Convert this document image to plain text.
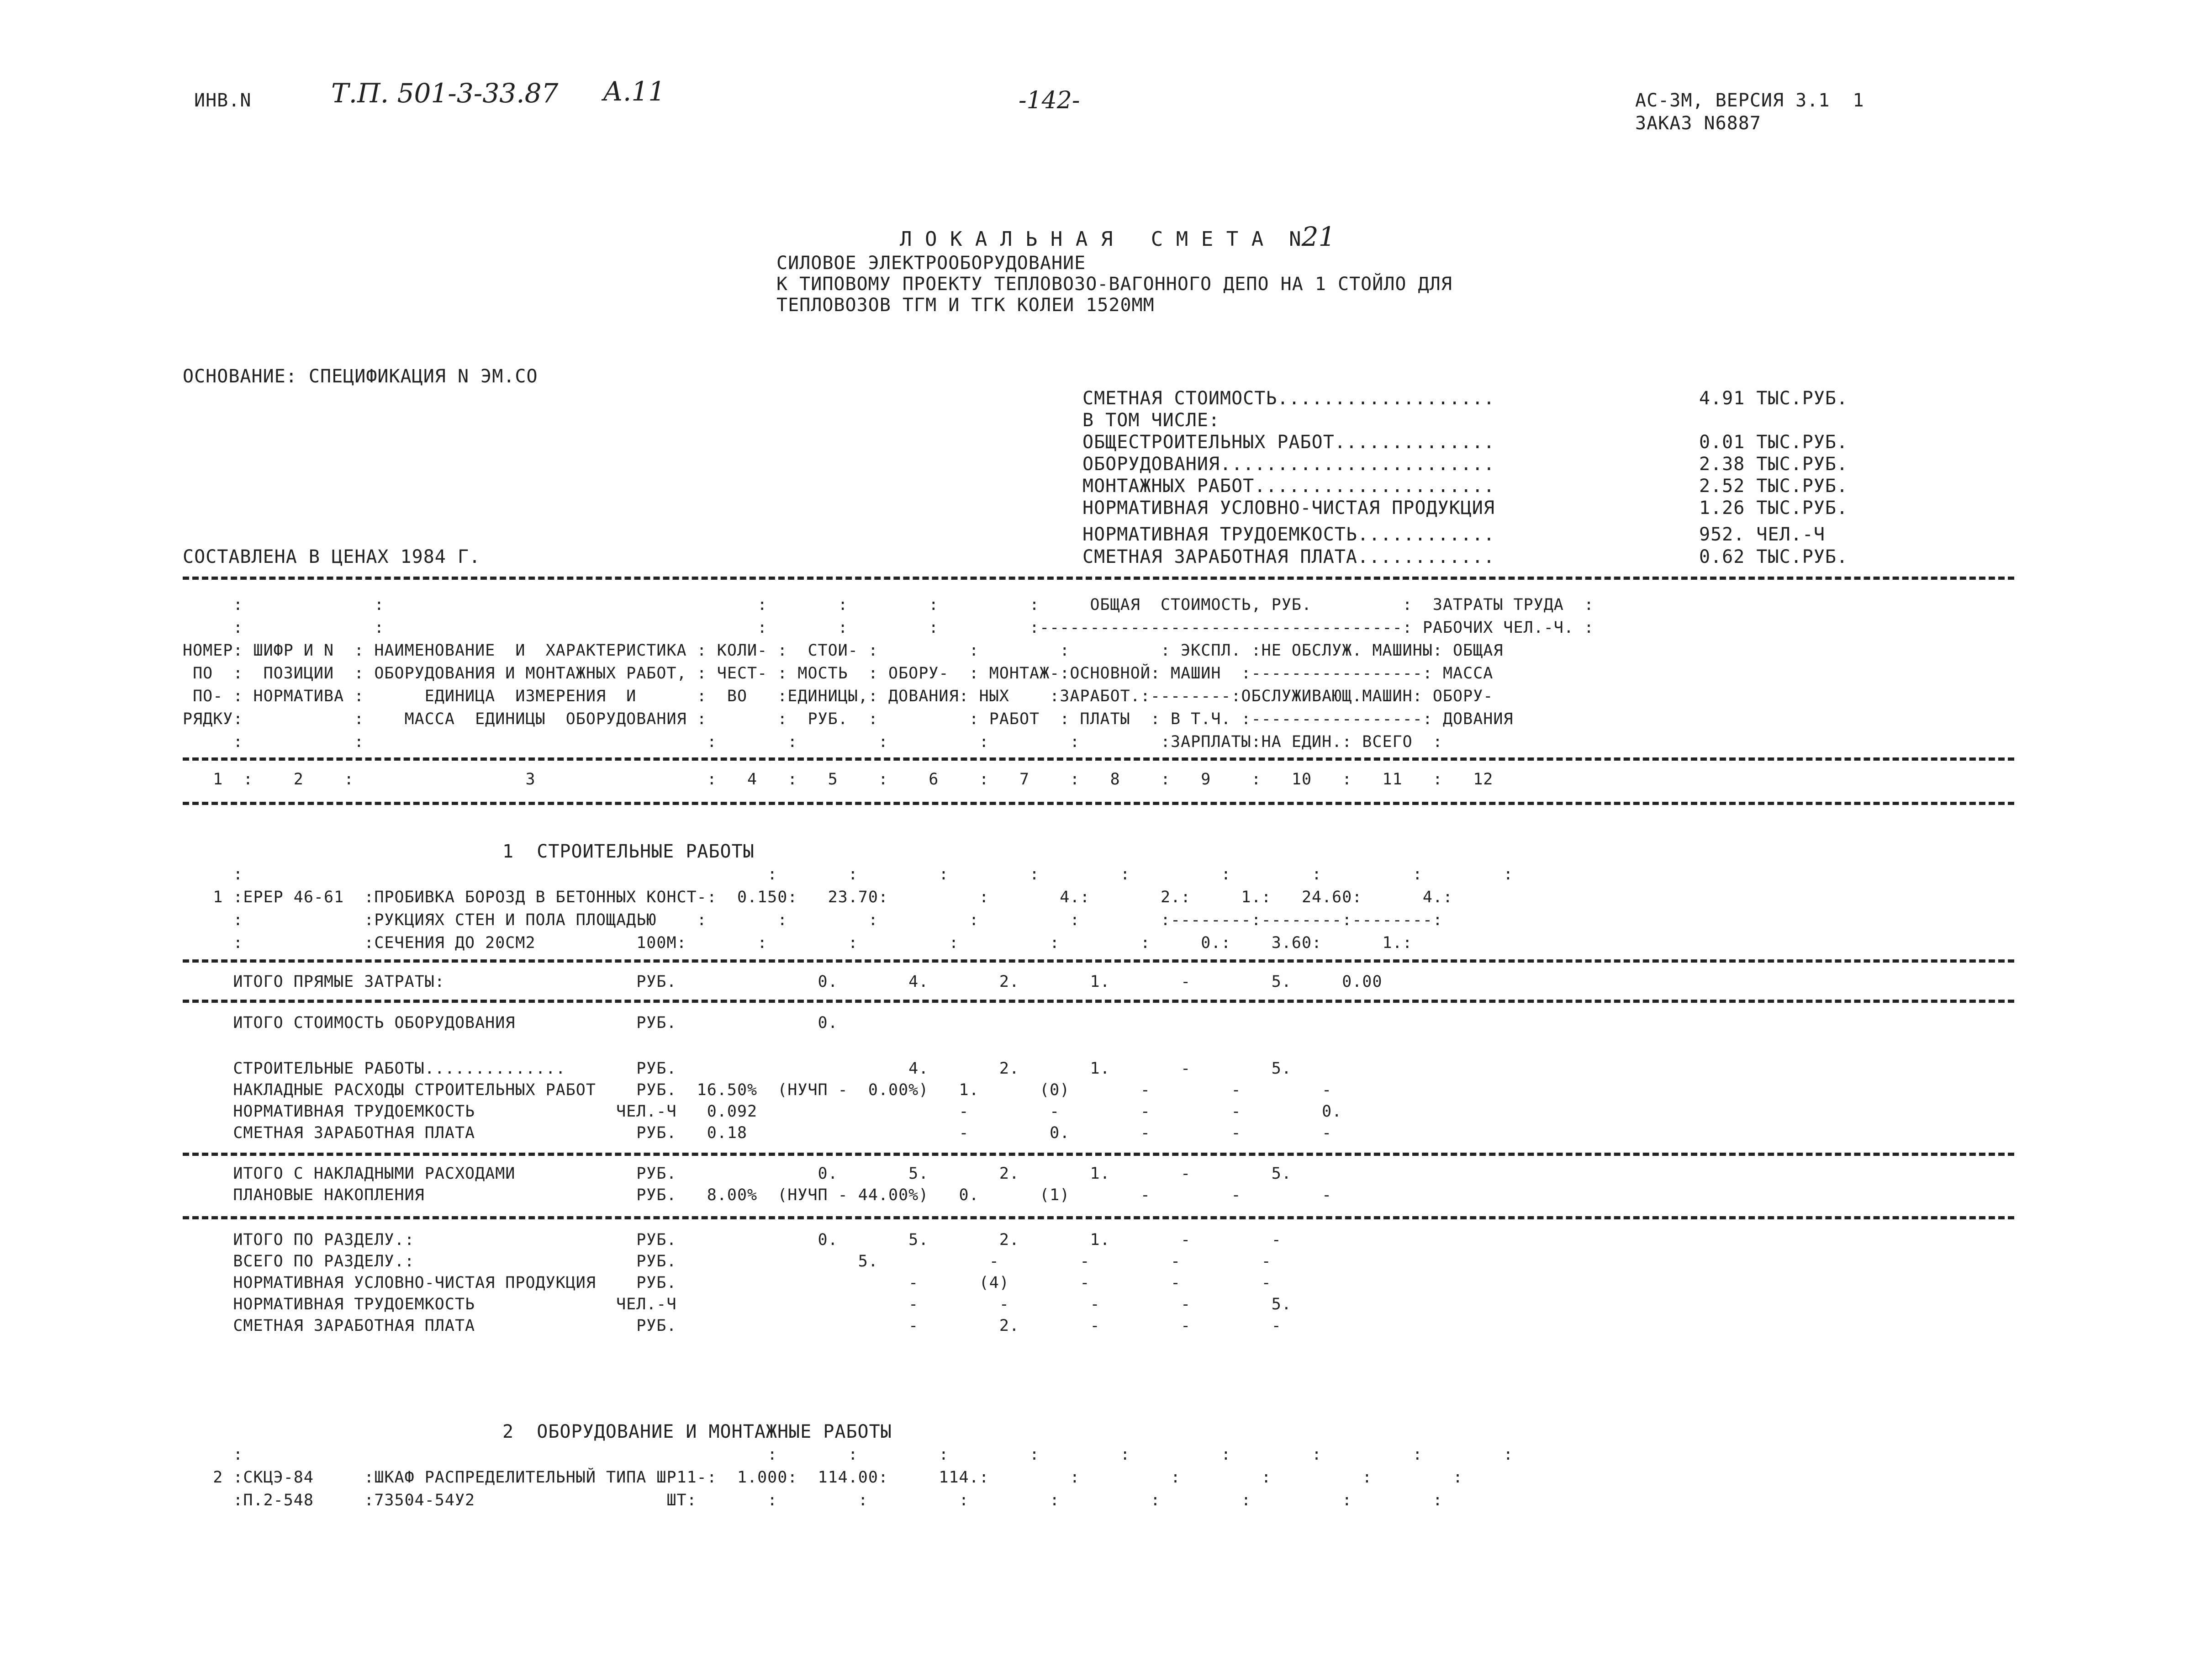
ИНВ.N	Т.П. 501-3-33.87 А.11	-142-	АС-3М, ВЕРСИЯ 3.1  1
ЗАКАЗ N6887

Л О К А Л Ь Н А Я   С М Е Т А  N21

СИЛОВОЕ ЭЛЕКТРООБОРУДОВАНИЕ
К ТИПОВОМУ ПРОЕКТУ ТЕПЛОВОЗО-ВАГОННОГО ДЕПО НА 1 СТОЙЛО ДЛЯ
ТЕПЛОВОЗОВ ТГМ И ТГК КОЛЕИ 1520ММ
ОСНОВАНИЕ: СПЕЦИФИКАЦИЯ N ЭМ.СО
СОСТАВЛЕНА В ЦЕНАХ 1984 Г.
СМЕТНАЯ СТОИМОСТЬ...................	4.91 ТЫС.РУБ.
В ТОМ ЧИСЛЕ:
ОБЩЕСТРОИТЕЛЬНЫХ РАБОТ..............	0.01 ТЫС.РУБ.
ОБОРУДОВАНИЯ........................	2.38 ТЫС.РУБ.
МОНТАЖНЫХ РАБОТ.....................	2.52 ТЫС.РУБ.
НОРМАТИВНАЯ УСЛОВНО-ЧИСТАЯ ПРОДУКЦИЯ	1.26 ТЫС.РУБ.
НОРМАТИВНАЯ ТРУДОЕМКОСТЬ............	952. ЧЕЛ.-Ч
СМЕТНАЯ ЗАРАБОТНАЯ ПЛАТА............	0.62 ТЫС.РУБ.
:             :                                     :       :        :         :     ОБЩАЯ  СТОИМОСТЬ, РУБ.         :  ЗАТРАТЫ ТРУДА  :
:             :                                     :       :        :         :------------------------------------: РАБОЧИХ ЧЕЛ.-Ч. :
НОМЕР: ШИФР И N  : НАИМЕНОВАНИЕ  И  ХАРАКТЕРИСТИКА : КОЛИ- :  СТОИ- :         :        :         : ЭКСПЛ. :НЕ ОБСЛУЖ. МАШИНЫ: ОБЩАЯ
ПО  :  ПОЗИЦИИ  : ОБОРУДОВАНИЯ И МОНТАЖНЫХ РАБОТ, : ЧЕСТ- : МОСТЬ  : ОБОРУ-  : МОНТАЖ-:ОСНОВНОЙ: МАШИН  :-----------------: МАССА
ПО- : НОРМАТИВА :      ЕДИНИЦА  ИЗМЕРЕНИЯ  И      :  ВО   :ЕДИНИЦЫ,: ДОВАНИЯ: НЫХ    :ЗАРАБОТ.:--------:ОБСЛУЖИВАЮЩ.МАШИН: ОБОРУ-
РЯДКУ:           :    МАССА  ЕДИНИЦЫ  ОБОРУДОВАНИЯ :       :  РУБ.  :         : РАБОТ  : ПЛАТЫ  : В Т.Ч. :-----------------: ДОВАНИЯ
:           :                                  :       :        :         :        :        :ЗАРПЛАТЫ:НА ЕДИН.: ВСЕГО  :
1  :    2    :                 3                 :   4   :   5    :    6    :   7    :   8    :   9    :   10   :   11   :   12
1  СТРОИТЕЛЬНЫЕ РАБОТЫ
:                                                    :       :        :        :        :         :        :         :        :
1 :ЕРЕР 46-61  :ПРОБИВКА БОРОЗД В БЕТОННЫХ КОНСТ-:  0.150:   23.70:         :       4.:       2.:     1.:   24.60:      4.:
:            :РУКЦИЯХ СТЕН И ПОЛА ПЛОЩАДЬЮ    :       :        :         :         :        :--------:--------:--------:
:            :СЕЧЕНИЯ ДО 20СМ2          100М:       :        :         :         :        :     0.:    3.60:      1.:
ИТОГО ПРЯМЫЕ ЗАТРАТЫ:                   РУБ.              0.       4.       2.       1.       -        5.     0.00
ИТОГО СТОИМОСТЬ ОБОРУДОВАНИЯ            РУБ.              0.
СТРОИТЕЛЬНЫЕ РАБОТЫ..............       РУБ.                       4.       2.       1.       -        5.
НАКЛАДНЫЕ РАСХОДЫ СТРОИТЕЛЬНЫХ РАБОТ    РУБ.  16.50%  (НУЧП -  0.00%)   1.      (0)       -        -        -
НОРМАТИВНАЯ ТРУДОЕМКОСТЬ              ЧЕЛ.-Ч   0.092                    -        -        -        -        0.
СМЕТНАЯ ЗАРАБОТНАЯ ПЛАТА                РУБ.   0.18                     -        0.       -        -        -
ИТОГО С НАКЛАДНЫМИ РАСХОДАМИ            РУБ.              0.       5.       2.       1.       -        5.
ПЛАНОВЫЕ НАКОПЛЕНИЯ                     РУБ.   8.00%  (НУЧП - 44.00%)   0.      (1)       -        -        -
ИТОГО ПО РАЗДЕЛУ.:                      РУБ.              0.       5.       2.       1.       -        -
ВСЕГО ПО РАЗДЕЛУ.:                      РУБ.                  5.           -        -        -        -
НОРМАТИВНАЯ УСЛОВНО-ЧИСТАЯ ПРОДУКЦИЯ    РУБ.                       -      (4)       -        -        -
НОРМАТИВНАЯ ТРУДОЕМКОСТЬ              ЧЕЛ.-Ч                       -        -        -        -        5.
СМЕТНАЯ ЗАРАБОТНАЯ ПЛАТА                РУБ.                       -        2.       -        -        -
2  ОБОРУДОВАНИЕ И МОНТАЖНЫЕ РАБОТЫ
:                                                    :       :        :        :        :         :        :         :        :
2 :СКЦЭ-84     :ШКАФ РАСПРЕДЕЛИТЕЛЬНЫЙ ТИПА ШР11-:  1.000:  114.00:     114.:        :         :        :         :        :
:П.2-548     :73504-54У2                   ШТ:       :        :         :        :         :        :         :        :
